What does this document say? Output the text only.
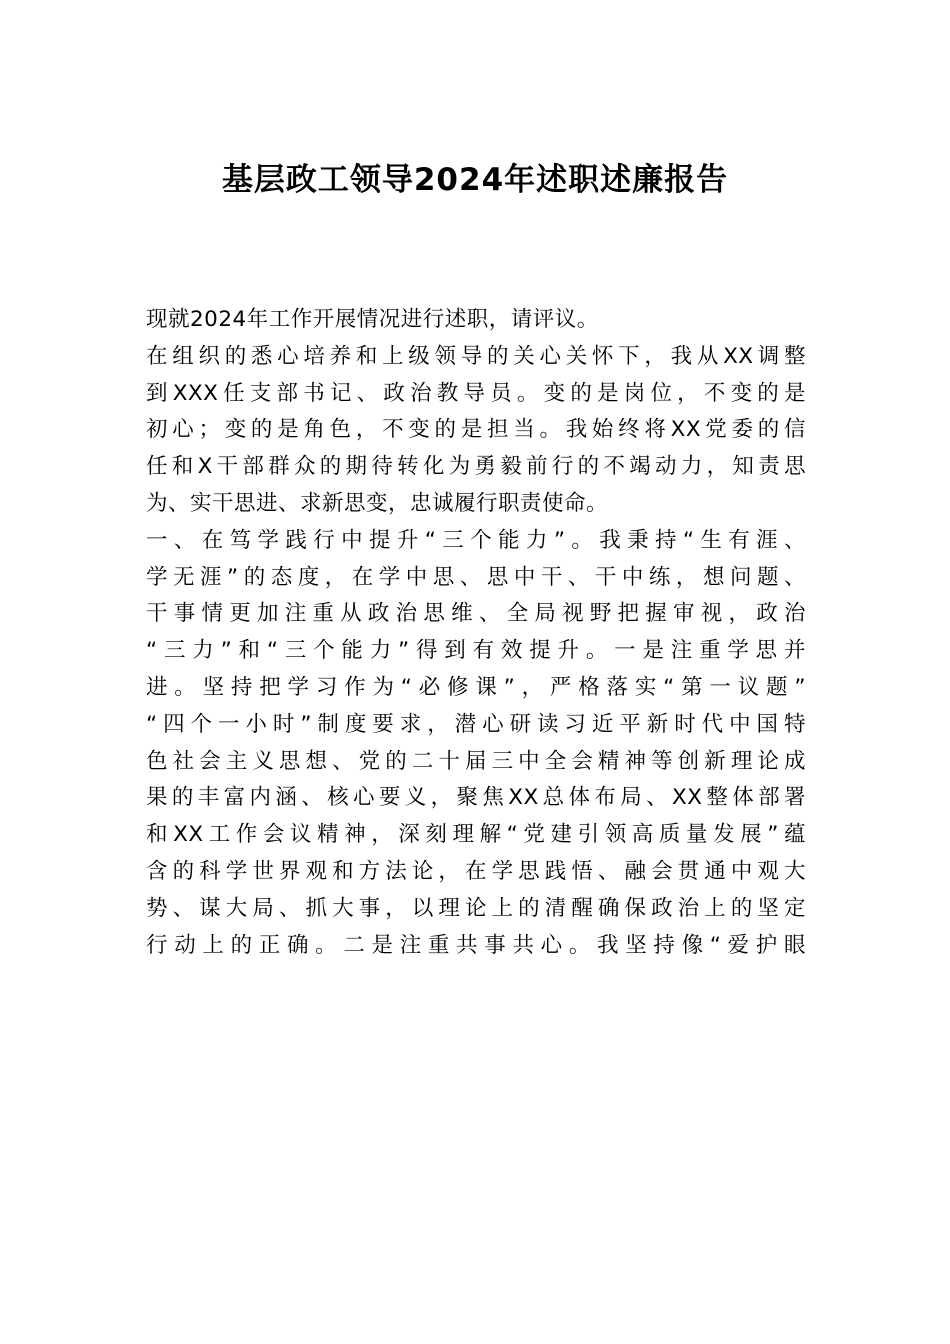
基层政工领导2024年述职述廉报告
现就2024年工作开展情况进行述职，请评议。
在组织的悉心培养和上级领导的关心关怀下，我从XX调整
到XXX任支部书记、政治教导员。变的是岗位，不变的是
初心；变的是角色，不变的是担当。我始终将XX党委的信
任和X干部群众的期待转化为勇毅前行的不竭动力，知责思
为、实干思进、求新思变，忠诚履行职责使命。
一、在笃学践行中提升“三个能力”。我秉持“生有涯、
学无涯”的态度，在学中思、思中干、干中练，想问题、
干事情更加注重从政治思维、全局视野把握审视，政治
“三力”和“三个能力”得到有效提升。一是注重学思并
进。坚持把学习作为“必修课”，严格落实“第一议题”
“四个一小时”制度要求，潜心研读习近平新时代中国特
色社会主义思想、党的二十届三中全会精神等创新理论成
果的丰富内涵、核心要义，聚焦XX总体布局、XX整体部署
和XX工作会议精神，深刻理解“党建引领高质量发展”蕴
含的科学世界观和方法论，在学思践悟、融会贯通中观大
势、谋大局、抓大事，以理论上的清醒确保政治上的坚定
行动上的正确。二是注重共事共心。我坚持像“爱护眼
